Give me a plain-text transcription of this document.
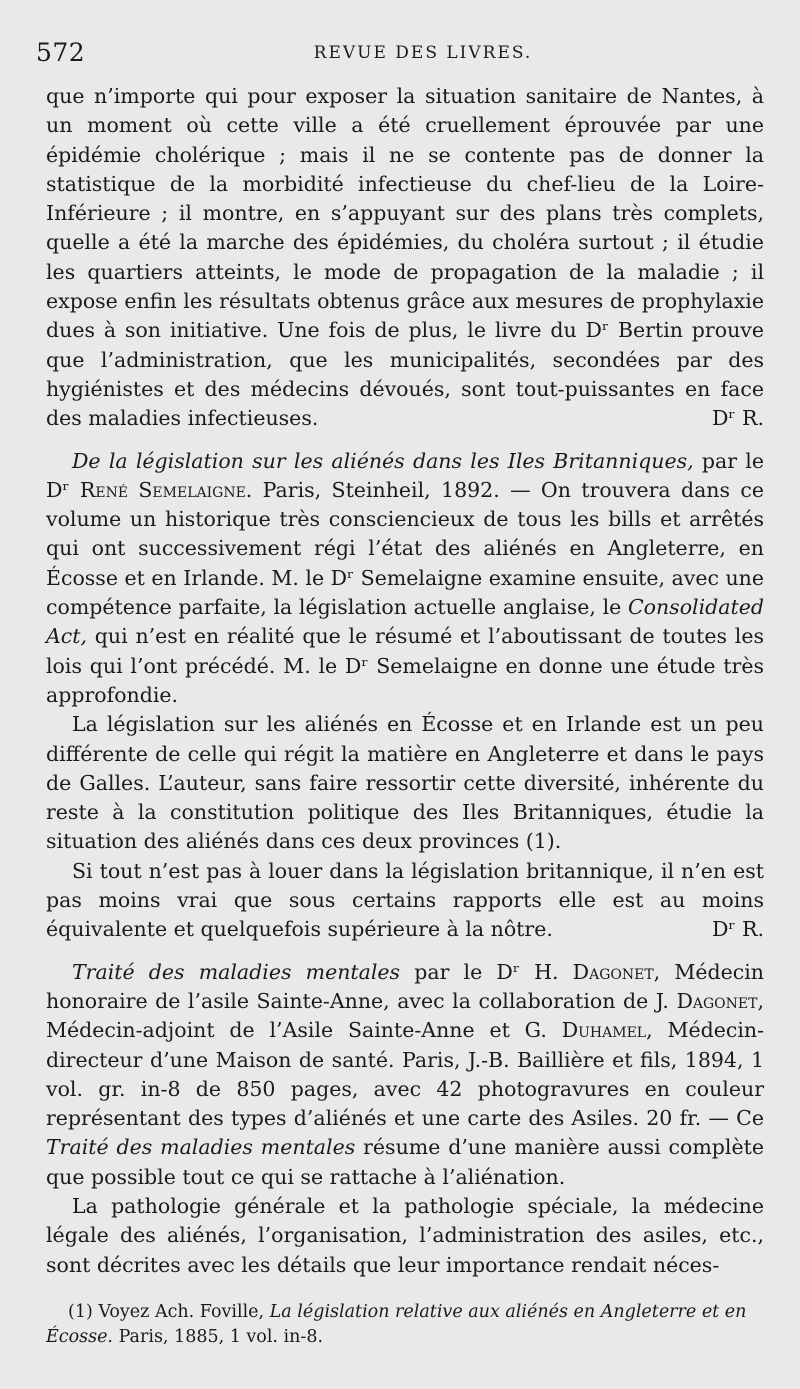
572	REVUE DES LIVRES.

que n’importe qui pour exposer la situation sanitaire de Nantes, à un moment où cette ville a été cruellement éprouvée par une épidémie cholérique ; mais il ne se contente pas de donner la statistique de la morbidité infectieuse du chef-lieu de la Loire-Inférieure ; il montre, en s’appuyant sur des plans très complets, quelle a été la marche des épidémies, du choléra surtout ; il étudie les quartiers atteints, le mode de propagation de la maladie ; il expose enfin les résultats obtenus grâce aux mesures de prophylaxie dues à son initiative. Une fois de plus, le livre du Dʳ Bertin prouve que l’administration, que les municipalités, secondées par des hygiénistes et des médecins dévoués, sont tout-puissantes en face des maladies infectieuses.	Dʳ R.

De la législation sur les aliénés dans les Iles Britanniques, par le Dʳ René Semelaigne. Paris, Steinheil, 1892. — On trouvera dans ce volume un historique très consciencieux de tous les bills et arrêtés qui ont successivement régi l’état des aliénés en Angleterre, en Écosse et en Irlande. M. le Dʳ Semelaigne examine ensuite, avec une compétence parfaite, la législation actuelle anglaise, le Consolidated Act, qui n’est en réalité que le résumé et l’aboutissant de toutes les lois qui l’ont précédé. M. le Dʳ Semelaigne en donne une étude très approfondie.

La législation sur les aliénés en Écosse et en Irlande est un peu différente de celle qui régit la matière en Angleterre et dans le pays de Galles. L’auteur, sans faire ressortir cette diversité, inhérente du reste à la constitution politique des Iles Britanniques, étudie la situation des aliénés dans ces deux provinces (1).

Si tout n’est pas à louer dans la législation britannique, il n’en est pas moins vrai que sous certains rapports elle est au moins équivalente et quelquefois supérieure à la nôtre.	Dʳ R.

Traité des maladies mentales par le Dʳ H. Dagonet, Médecin honoraire de l’asile Sainte-Anne, avec la collaboration de J. Dagonet, Médecin-adjoint de l’Asile Sainte-Anne et G. Duhamel, Médecin-directeur d’une Maison de santé. Paris, J.-B. Baillière et fils, 1894, 1 vol. gr. in-8 de 850 pages, avec 42 photogravures en couleur représentant des types d’aliénés et une carte des Asiles. 20 fr. — Ce Traité des maladies mentales résume d’une manière aussi complète que possible tout ce qui se rattache à l’aliénation.

La pathologie générale et la pathologie spéciale, la médecine légale des aliénés, l’organisation, l’administration des asiles, etc., sont décrites avec les détails que leur importance rendait néces-

(1) Voyez Ach. Foville, La législation relative aux aliénés en Angleterre et en Écosse. Paris, 1885, 1 vol. in-8.
